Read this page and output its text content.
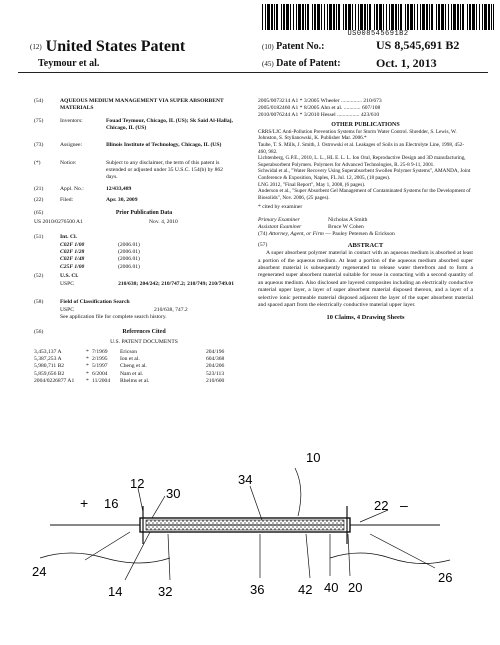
US008545691B2
(12) United States Patent
Teymour et al.
(10) Patent No.:	US 8,545,691 B2
(45) Date of Patent:	Oct. 1, 2013
(54)	AQUEOUS MEDIUM MANAGEMENT VIA SUPER ABSORBENT MATERIALS
(75)	Inventors:	Fouad Teymour, Chicago, IL (US); Sk Said Al-Hallaj, Chicago, IL (US)
(73)	Assignee:	Illinois Institute of Technology, Chicago, IL (US)
(*)	Notice:	Subject to any disclaimer, the term of this patent is extended or adjusted under 35 U.S.C. 154(b) by 862 days.
(21)	Appl. No.:	12/433,489
(22)	Filed:	Apr. 30, 2009
(65)	Prior Publication Data
US 2010/0276500 A1	Nov. 4, 2010
(51)	Int. Cl.
C02F 1/00	(2006.01)
C02F 1/28	(2006.01)
C02F 1/48	(2006.01)
C25F 1/00	(2006.01)
(52)	U.S. Cl.
USPC	210/638; 204/242; 210/747.2; 210/749; 210/749.01
(58)	Field of Classification Search
USPC	210/638, 747.2
See application file for complete search history.
(56)	References Cited
U.S. PATENT DOCUMENTS
3,453,137 A	* 7/1969 Ericson	204/196
5,387,253 A	* 2/1995 Ion et al.	604/368
5,980,711 B2	* 5/1997 Cheng et al.	204/206
5,859,656 B2	* 6/2004 Nam et al.	523/113
2004/0226877 A1 * 11/2004 Rhelms et al.	210/600
2005/0073214 A1 * 3/2005 Wheeler ............... 210/673
2005/0182460 A1 * 8/2005 Ahn et al. ............ 607/108
2010/0076244 A1 * 3/2010 Hessel ................ 423/610
OTHER PUBLICATIONS
CRRS/LJC Anti-Pollution Prevention Systems for Storm Water Control. Shredder, S. Lewis, W. Johnston, S. Stylianowski, K. Publisher Mar. 2006.*
Taube, T. S. Mills, J. Smith, J. Ostrowski et al. Leakages of Soils in an Electrolyte Line, 1998, 452-460, 982.
Lichtenberg, G.P.E., 2010, L. L., HL E. L. L. Ion Oral, Reproductive Design and 3D manufacturing, Superabsorbent Polymers. Polymers for Advanced Technologies, R. 25-8 9-11, 2001.
Schwidal et al., "Water Recovery Using Superabsorbent Swollen Polymer Systems", AMANDA, Joint Conference & Exposition, Naples, FL Jul. 12, 2005, (18 pages).
LNG 2012, "Final Report", May 1, 2008, (6 pages).
Anderson et al., "Super Absorbent Gel Management of Contaminated Systems for the Development of Biosolids", Nov. 2006, (25 pages).
* cited by examiner
Primary Examiner	Nicholas A Smith
Assistant Examiner	Bruce W Cohen
(74) Attorney, Agent, or Firm — Pauley Petersen & Erickson
(57)	ABSTRACT
A super absorbent polymer material in contact with an aqueous medium is absorbed at least a portion of the aqueous medium. At least a portion of the aqueous medium absorbed super absorbent material is subsequently regenerated to release water therefrom and to form a regenerated super absorbent material suitable for reuse in contacting with a second quantity of an aqueous medium. Also disclosed are layered composites including an electrically conductive material upper layer, a layer of super absorbent material disposed thereon, and a layer of a selective ionic permeable material disposed adjacent the layer of the super absorbent material and spaced apart from the electrically conductive material upper layer.
10 Claims, 4 Drawing Sheets
10
12
16
30
34
22
24
14	32	36	42 40 20
26
+	–
